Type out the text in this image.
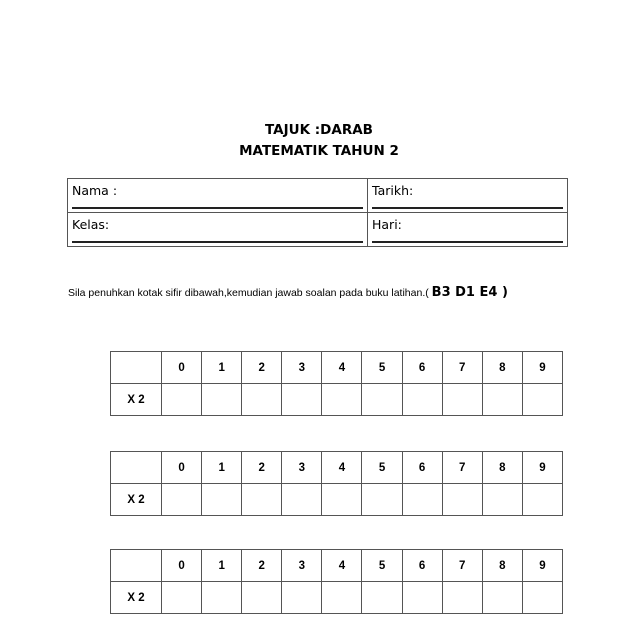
TAJUK :DARAB
MATEMATIK TAHUN 2
Nama :	Tarikh:

Kelas:	Hari:
Sila penuhkan kotak sifir dibawah,kemudian jawab soalan pada buku latihan.( B3 D1 E4 )
	0	1	2	3	4	5	6	7	8	9
X 2										
	0	1	2	3	4	5	6	7	8	9
X 2										
	0	1	2	3	4	5	6	7	8	9
X 2										
